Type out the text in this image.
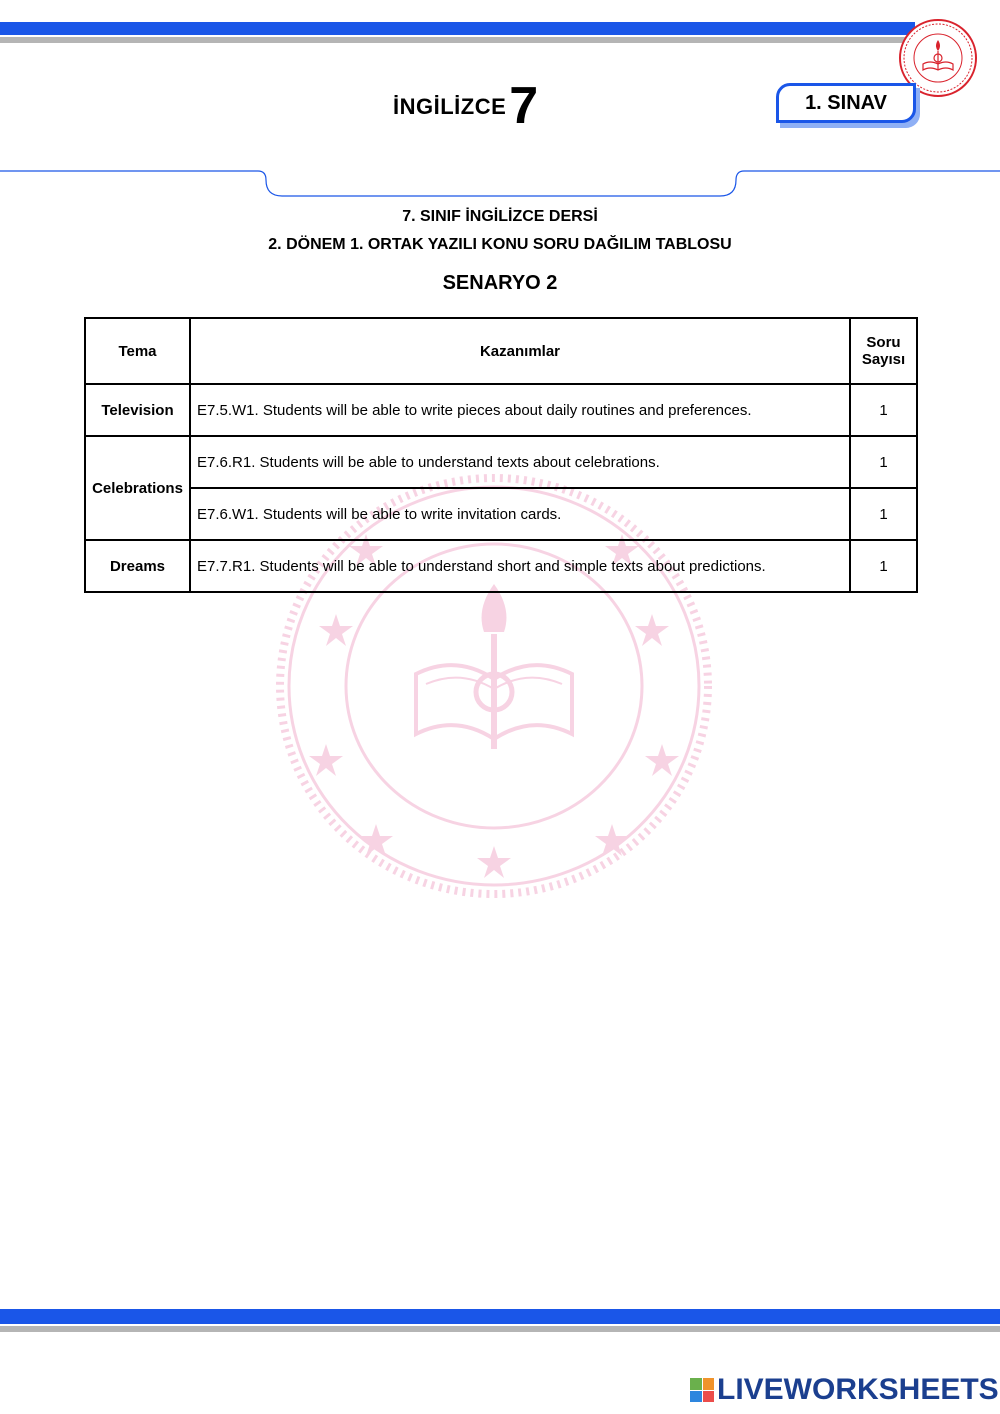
İNGİLİZCE 7	1. SINAV
7. SINIF İNGİLİZCE DERSİ
2. DÖNEM 1. ORTAK YAZILI KONU SORU DAĞILIM TABLOSU
SENARYO 2
Tema	Kazanımlar	Soru
Sayısı
Television	E7.5.W1. Students will be able to write pieces about daily routines and preferences.	1
Celebrations	E7.6.R1. Students will be able to understand texts about celebrations.	1
	E7.6.W1. Students will be able to write invitation cards.	1
Dreams	E7.7.R1. Students will be able to understand short and simple texts about predictions.	1
LIVEWORKSHEETS
